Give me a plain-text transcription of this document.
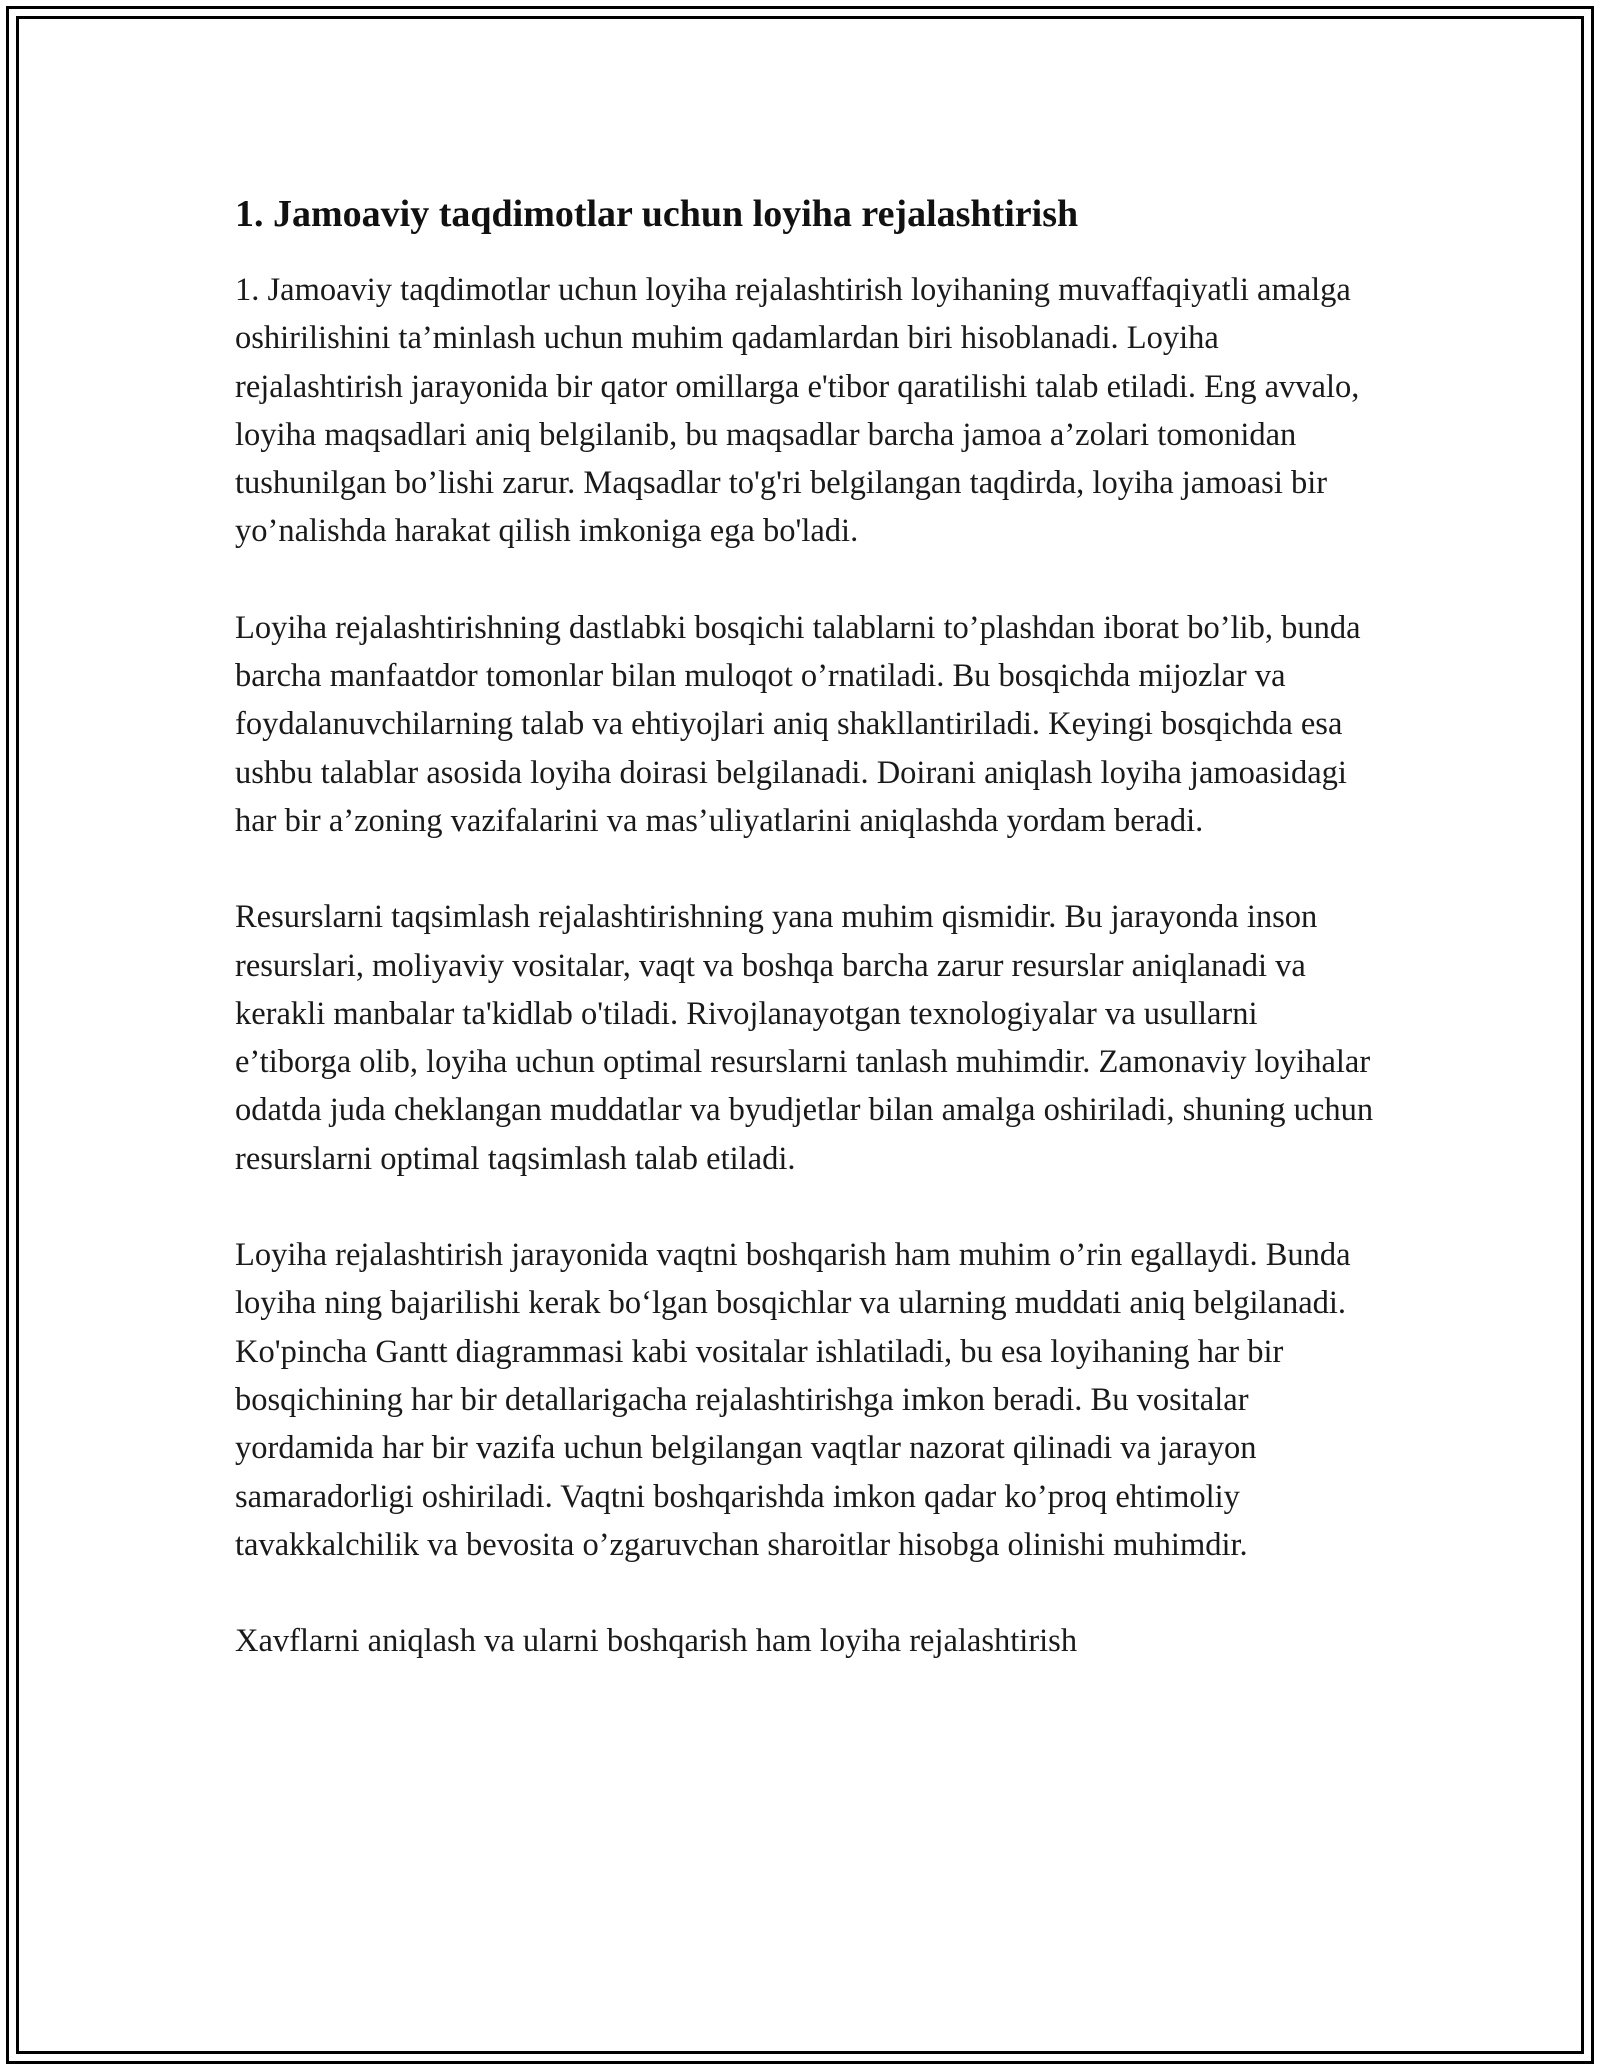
1. Jamoaviy taqdimotlar uchun loyiha rejalashtirish

1. Jamoaviy taqdimotlar uchun loyiha rejalashtirish loyihaning muvaffaqiyatli amalga oshirilishini ta’minlash uchun muhim qadamlardan biri hisoblanadi. Loyiha rejalashtirish jarayonida bir qator omillarga e'tibor qaratilishi talab etiladi. Eng avvalo, loyiha maqsadlari aniq belgilanib, bu maqsadlar barcha jamoa a’zolari tomonidan tushunilgan bo’lishi zarur. Maqsadlar to'g'ri belgilangan taqdirda, loyiha jamoasi bir yo’nalishda harakat qilish imkoniga ega bo'ladi.

Loyiha rejalashtirishning dastlabki bosqichi talablarni to’plashdan iborat bo’lib, bunda barcha manfaatdor tomonlar bilan muloqot o’rnatiladi. Bu bosqichda mijozlar va foydalanuvchilarning talab va ehtiyojlari aniq shakllantiriladi. Keyingi bosqichda esa ushbu talablar asosida loyiha doirasi belgilanadi. Doirani aniqlash loyiha jamoasidagi har bir a’zoning vazifalarini va mas’uliyatlarini aniqlashda yordam beradi.

Resurslarni taqsimlash rejalashtirishning yana muhim qismidir. Bu jarayonda inson resurslari, moliyaviy vositalar, vaqt va boshqa barcha zarur resurslar aniqlanadi va kerakli manbalar ta'kidlab o'tiladi. Rivojlanayotgan texnologiyalar va usullarni e’tiborga olib, loyiha uchun optimal resurslarni tanlash muhimdir. Zamonaviy loyihalar odatda juda cheklangan muddatlar va byudjetlar bilan amalga oshiriladi, shuning uchun resurslarni optimal taqsimlash talab etiladi.

Loyiha rejalashtirish jarayonida vaqtni boshqarish ham muhim o’rin egallaydi. Bunda loyiha ning bajarilishi kerak bo‘lgan bosqichlar va ularning muddati aniq belgilanadi. Ko'pincha Gantt diagrammasi kabi vositalar ishlatiladi, bu esa loyihaning har bir bosqichining har bir detallarigacha rejalashtirishga imkon beradi. Bu vositalar yordamida har bir vazifa uchun belgilangan vaqtlar nazorat qilinadi va jarayon samaradorligi oshiriladi. Vaqtni boshqarishda imkon qadar ko’proq ehtimoliy tavakkalchilik va bevosita o’zgaruvchan sharoitlar hisobga olinishi muhimdir.

Xavflarni aniqlash va ularni boshqarish ham loyiha rejalashtirish
